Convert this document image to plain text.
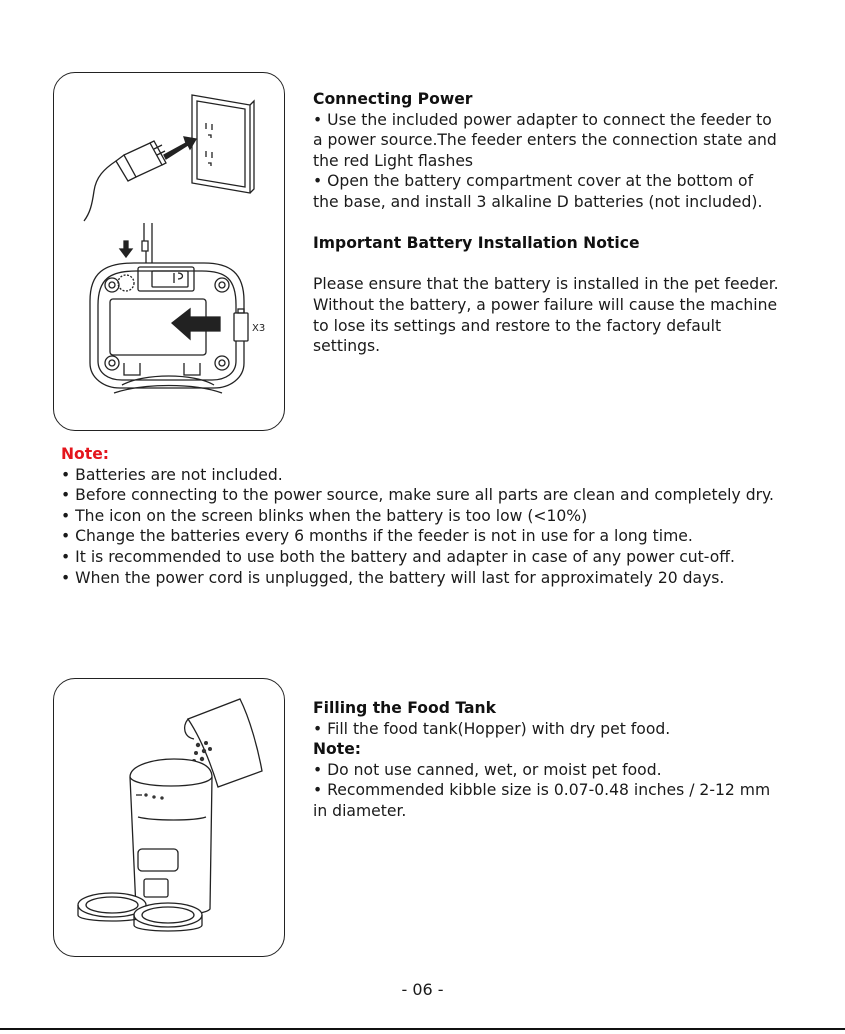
X3

Connecting Power

• Use the included power adapter to connect the feeder to a power source.The feeder enters the connection state and the red Light flashes

• Open the battery compartment cover at the bottom of the base, and install 3 alkaline D batteries (not included).

Important Battery Installation Notice

Please ensure that the battery is installed in the pet feeder.

Without the battery, a power failure will cause the machine to lose its settings and restore to the factory default settings.

Note:

• Batteries are not included.

• Before connecting to the power source, make sure all parts are clean and completely dry.

• The icon on the screen blinks when the battery is too low (<10%)

• Change the batteries every 6 months if the feeder is not in use for a long time.

• It is recommended to use both the battery and adapter in case of any power cut-off.

• When the power cord is unplugged, the battery will last for approximately 20 days.

Filling the Food Tank

• Fill the food tank(Hopper) with dry pet food.

Note:

• Do not use canned, wet, or moist pet food.

• Recommended kibble size is 0.07-0.48 inches / 2-12 mm in diameter.

- 06 -
